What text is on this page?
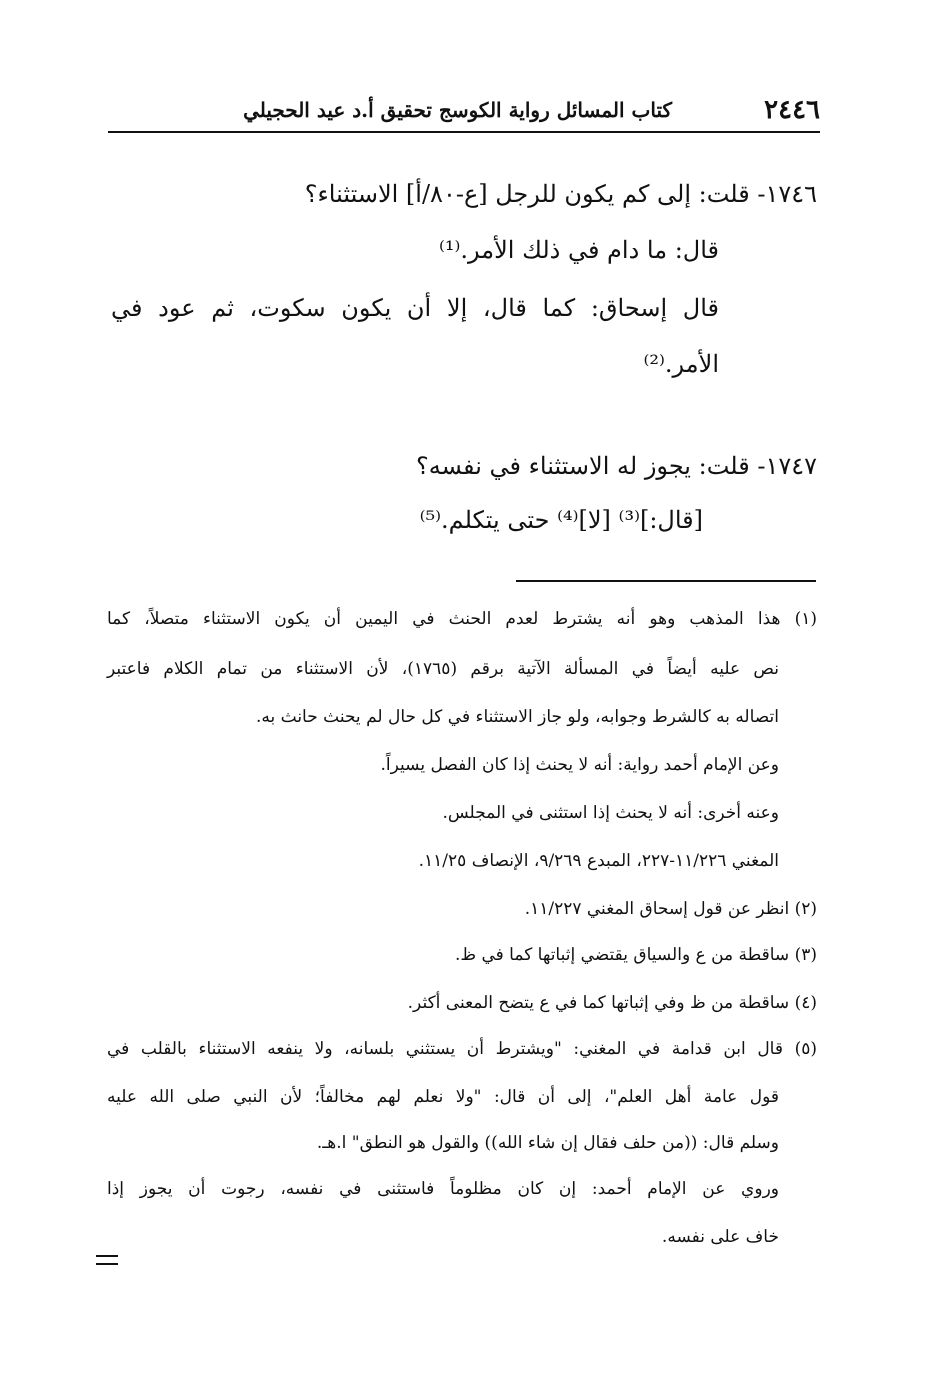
٢٤٤٦
كتاب المسائل رواية الكوسج تحقيق أ.د عيد الحجيلي
١٧٤٦- قلت: إلى كم يكون للرجل [ع-٨٠/أ] الاستثناء؟
قال: ما دام في ذلك الأمر.⁽¹⁾
قال إسحاق: كما قال، إلا أن يكون سكوت، ثم عود في
الأمر.⁽²⁾
١٧٤٧- قلت: يجوز له الاستثناء في نفسه؟
[قال:]⁽³⁾ [لا]⁽⁴⁾ حتى يتكلم.⁽⁵⁾
(١) هذا المذهب وهو أنه يشترط لعدم الحنث في اليمين أن يكون الاستثناء متصلاً، كما
نص عليه أيضاً في المسألة الآتية برقم (١٧٦٥)، لأن الاستثناء من تمام الكلام فاعتبر
اتصاله به كالشرط وجوابه، ولو جاز الاستثناء في كل حال لم يحنث حانث به.
وعن الإمام أحمد رواية: أنه لا يحنث إذا كان الفصل يسيراً.
وعنه أخرى: أنه لا يحنث إذا استثنى في المجلس.
المغني ١١/٢٢٦-٢٢٧، المبدع ٩/٢٦٩، الإنصاف ١١/٢٥.
(٢) انظر عن قول إسحاق المغني ١١/٢٢٧.
(٣) ساقطة من ع والسياق يقتضي إثباتها كما في ظ.
(٤) ساقطة من ظ وفي إثباتها كما في ع يتضح المعنى أكثر.
(٥) قال ابن قدامة في المغني: "ويشترط أن يستثني بلسانه، ولا ينفعه الاستثناء بالقلب في
قول عامة أهل العلم"، إلى أن قال: "ولا نعلم لهم مخالفاً؛ لأن النبي صلى الله عليه
وسلم قال: ((من حلف فقال إن شاء الله)) والقول هو النطق" ا.هـ.
وروي عن الإمام أحمد: إن كان مظلوماً فاستثنى في نفسه، رجوت أن يجوز إذا
خاف على نفسه.
